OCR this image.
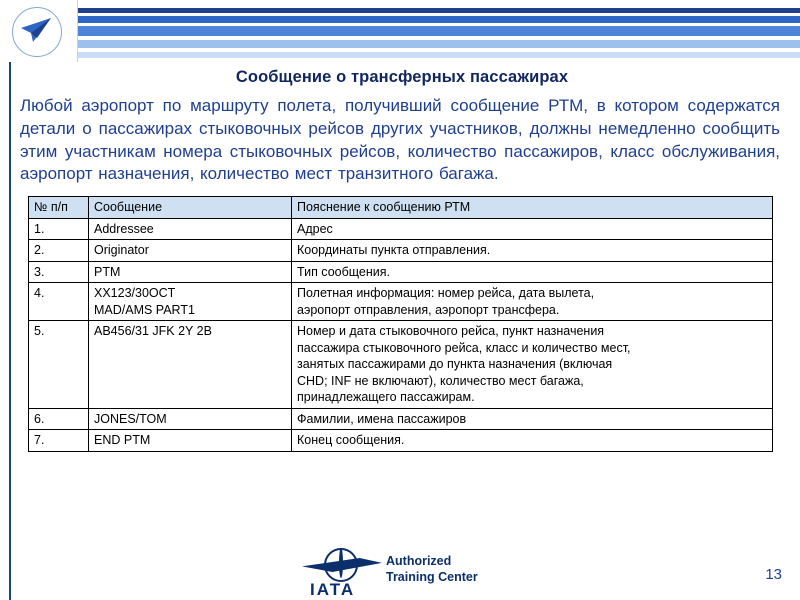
Сообщение о трансферных пассажирах

Любой аэропорт по маршруту полета, получивший сообщение РТМ, в котором содержатся детали о пассажирах стыковочных рейсов других участников, должны немедленно сообщить этим участникам номера стыковочных рейсов, количество пассажиров, класс обслуживания, аэропорт назначения, количество мест транзитного багажа.

№ п/п	Сообщение	Пояснение к сообщению РТМ
1.	Addressee	Адрес

2.	Originator	Координаты пункта отправления.

3.	PTM	Тип сообщения.

4.	XX123/30OCT
MAD/AMS PART1	Полетная информация: номер рейса, дата вылета,
аэропорт отправления, аэропорт трансфера.

5.	AB456/31 JFK 2Y 2B	Номер и дата стыковочного рейса, пункт назначения
пассажира стыковочного рейса, класс и количество мест,
занятых пассажирами до пункта назначения (включая
CHD; INF не включают), количество мест багажа,
принадлежащего пассажирам.

6.	JONES/TOM	Фамилии, имена пассажиров

7.	END PTM	Конец сообщения.
IATA
Authorized
Training Center	13
